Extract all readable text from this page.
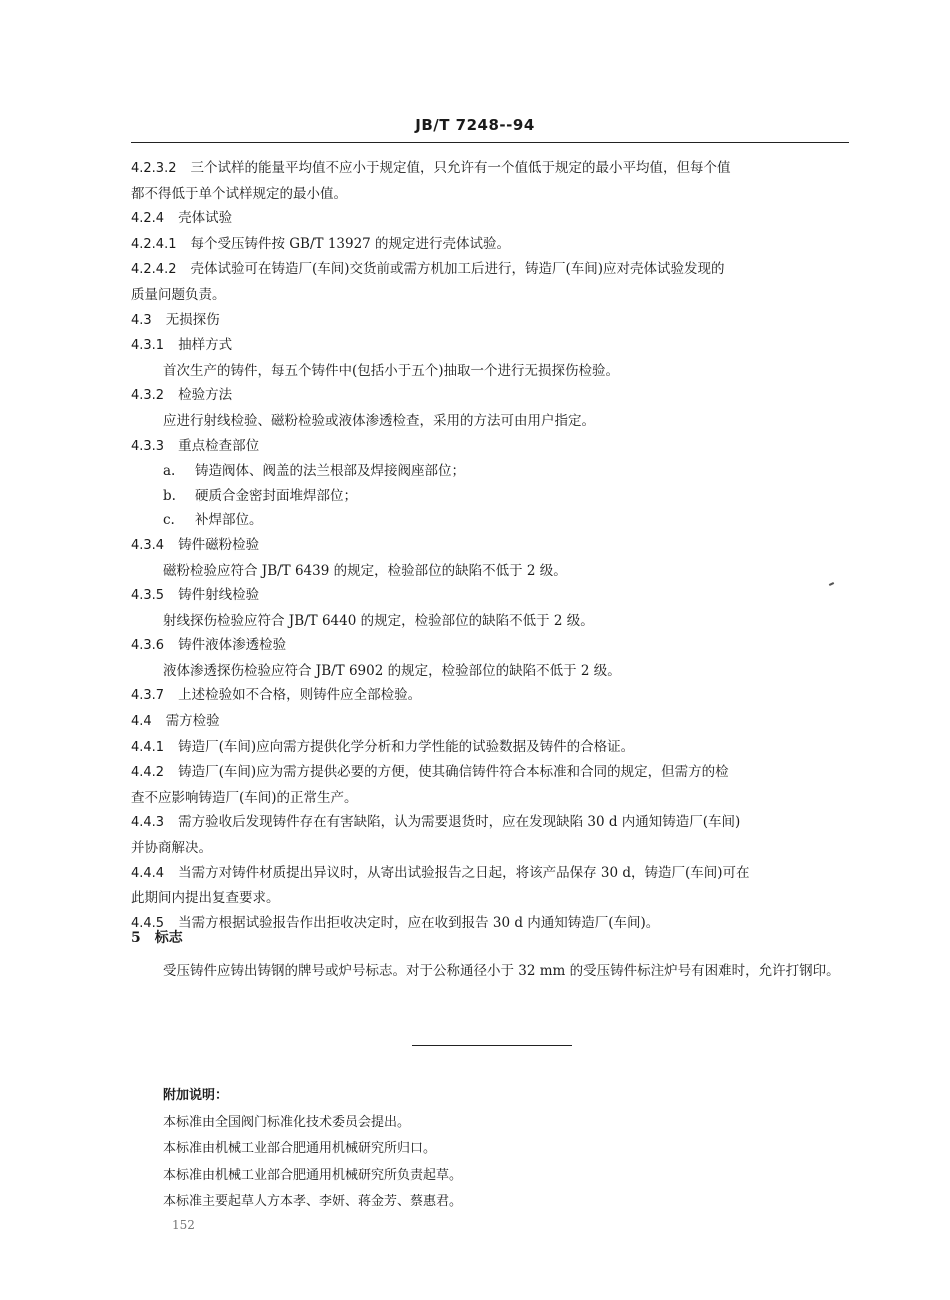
JB/T 7248--94
4.2.3.2 三个试样的能量平均值不应小于规定值，只允许有一个值低于规定的最小平均值，但每个值
都不得低于单个试样规定的最小值。
4.2.4 壳体试验
4.2.4.1 每个受压铸件按 GB/T 13927 的规定进行壳体试验。
4.2.4.2 壳体试验可在铸造厂(车间)交货前或需方机加工后进行，铸造厂(车间)应对壳体试验发现的
质量问题负责。
4.3 无损探伤
4.3.1 抽样方式
首次生产的铸件，每五个铸件中(包括小于五个)抽取一个进行无损探伤检验。
4.3.2 检验方法
应进行射线检验、磁粉检验或液体渗透检查，采用的方法可由用户指定。
4.3.3 重点检查部位
a. 铸造阀体、阀盖的法兰根部及焊接阀座部位；
b. 硬质合金密封面堆焊部位；
c. 补焊部位。
4.3.4 铸件磁粉检验
磁粉检验应符合 JB/T 6439 的规定，检验部位的缺陷不低于 2 级。
4.3.5 铸件射线检验
射线探伤检验应符合 JB/T 6440 的规定，检验部位的缺陷不低于 2 级。
4.3.6 铸件液体渗透检验
液体渗透探伤检验应符合 JB/T 6902 的规定，检验部位的缺陷不低于 2 级。
4.3.7 上述检验如不合格，则铸件应全部检验。
4.4 需方检验
4.4.1 铸造厂(车间)应向需方提供化学分析和力学性能的试验数据及铸件的合格证。
4.4.2 铸造厂(车间)应为需方提供必要的方便，使其确信铸件符合本标准和合同的规定，但需方的检
查不应影响铸造厂(车间)的正常生产。
4.4.3 需方验收后发现铸件存在有害缺陷，认为需要退货时，应在发现缺陷 30 d 内通知铸造厂(车间)
并协商解决。
4.4.4 当需方对铸件材质提出异议时，从寄出试验报告之日起，将该产品保存 30 d，铸造厂(车间)可在
此期间内提出复查要求。
4.4.5 当需方根据试验报告作出拒收决定时，应在收到报告 30 d 内通知铸造厂(车间)。
5 标志
受压铸件应铸出铸钢的牌号或炉号标志。对于公称通径小于 32 mm 的受压铸件标注炉号有困难时，允许打钢印。
附加说明：
本标准由全国阀门标准化技术委员会提出。
本标准由机械工业部合肥通用机械研究所归口。
本标准由机械工业部合肥通用机械研究所负责起草。
本标准主要起草人方本孝、李妍、蒋金芳、蔡惠君。
152
